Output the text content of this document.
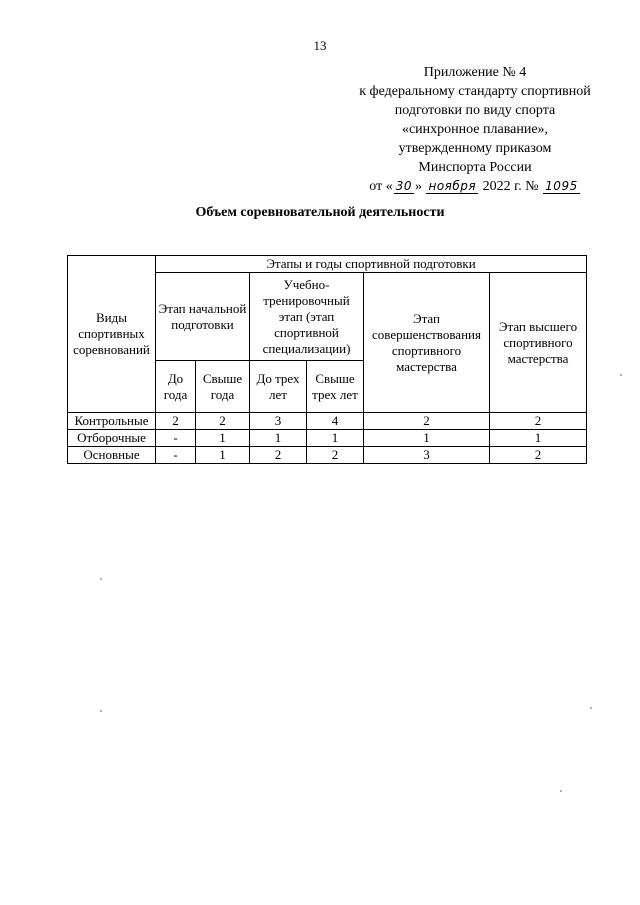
13
Приложение № 4
к федеральному стандарту спортивной
подготовки по виду спорта
«синхронное плавание»,
утвержденному приказом
Минспорта России
от « 30 » ноября 2022 г. № 1095
Объем соревновательной деятельности
Виды спортивных соревнований	Этапы и годы спортивной подготовки					
	Этап начальной подготовки		Учебно-тренировочный этап (этап спортивной специализации)		Этап совершенствования спортивного мастерства	Этап высшего спортивного мастерства
	До года	Свыше года	До трех лет	Свыше трех лет		
Контрольные	2	2	3	4	2	2
Отборочные	-	1	1	1	1	1
Основные	-	1	2	2	3	2
